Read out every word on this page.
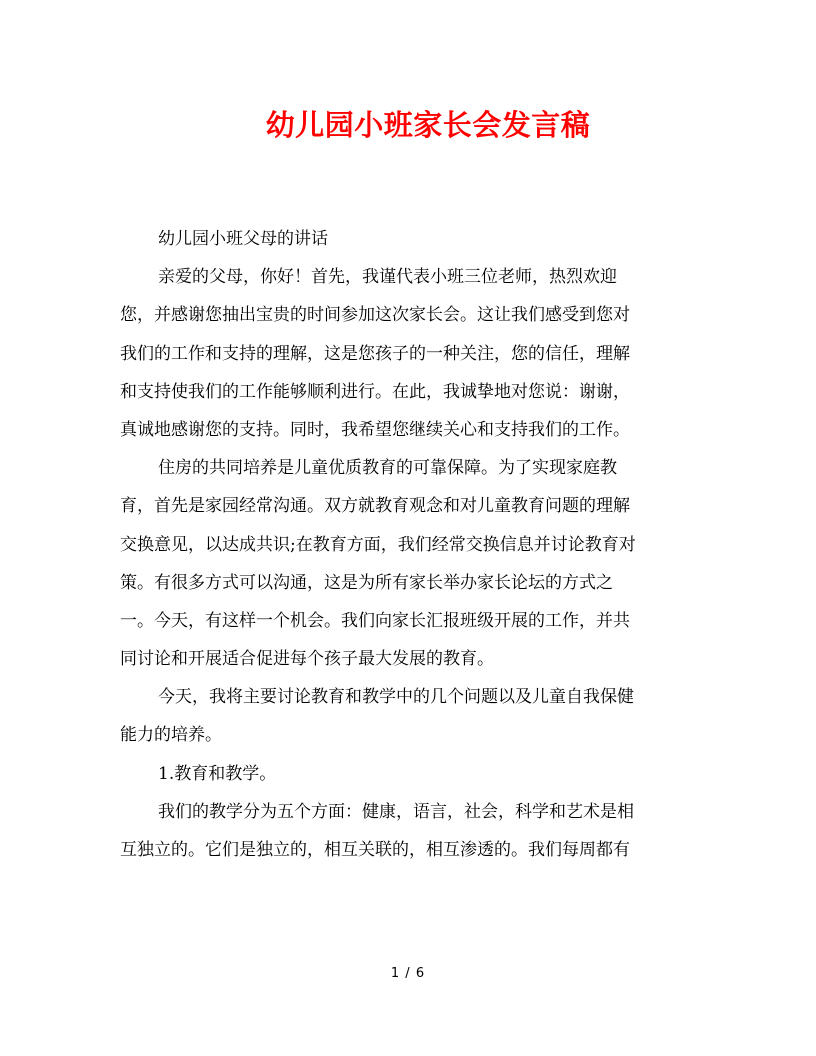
幼儿园小班家长会发言稿
幼儿园小班父母的讲话
亲爱的父母，你好！首先，我谨代表小班三位老师，热烈欢迎
您，并感谢您抽出宝贵的时间参加这次家长会。这让我们感受到您对
我们的工作和支持的理解，这是您孩子的一种关注，您的信任，理解
和支持使我们的工作能够顺利进行。在此，我诚挚地对您说：谢谢，
真诚地感谢您的支持。同时，我希望您继续关心和支持我们的工作。
住房的共同培养是儿童优质教育的可靠保障。为了实现家庭教
育，首先是家园经常沟通。双方就教育观念和对儿童教育问题的理解
交换意见，以达成共识;在教育方面，我们经常交换信息并讨论教育对
策。有很多方式可以沟通，这是为所有家长举办家长论坛的方式之
一。今天，有这样一个机会。我们向家长汇报班级开展的工作，并共
同讨论和开展适合促进每个孩子最大发展的教育。
今天，我将主要讨论教育和教学中的几个问题以及儿童自我保健
能力的培养。
1.教育和教学。
我们的教学分为五个方面：健康，语言，社会，科学和艺术是相
互独立的。它们是独立的，相互关联的，相互渗透的。我们每周都有
1 / 6
